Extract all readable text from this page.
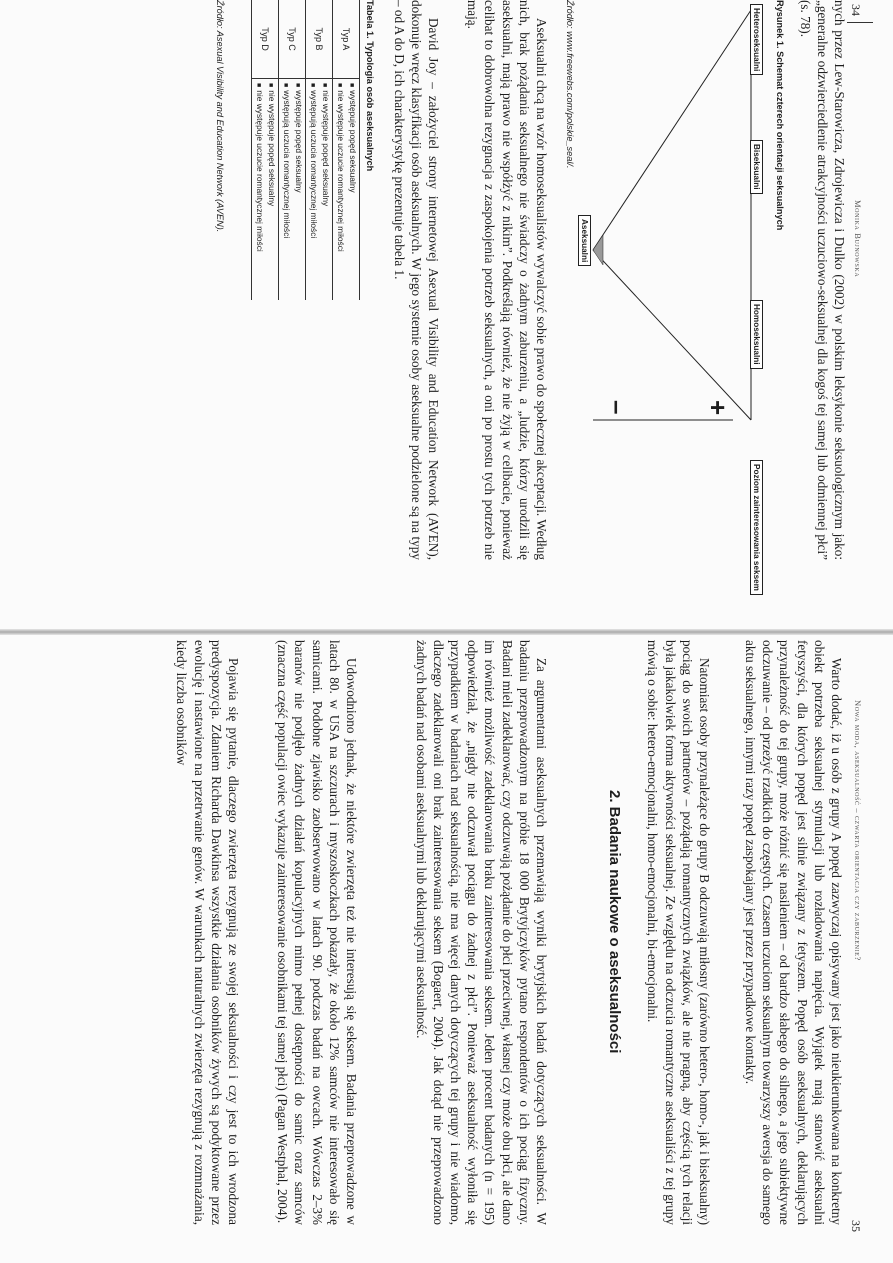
34
Monika Bujnowska

nych przez Lew-Starowicza, Zdrojewicza i Dulko (2002) w polskim leksykonie seksuologicznym jako: „generalne odzwierciedlenie atrakcyjności uczuciowo-seksualnej dla kogoś tej samej lub odmiennej płci” (s. 78).

Rysunek 1. Schemat czterech orientacji seksualnych
Heteroseksualni
Biseksualni
Homoseksualni
Aseksualni
Poziom zainteresowania seksem
+
–
Źródło: www.freewebs.com/polskie_seal/.

Aseksualni chcą na wzór homoseksualistów wywalczyć sobie prawo do społecznej akceptacji. Według nich, brak pożądania seksualnego nie świadczy o żadnym zaburzeniu, a „ludzie, którzy urodzili się aseksualni, mają prawo nie współżyć z nikim”. Podkreślają również, że nie żyją w celibacie, ponieważ celibat to dobrowolna rezygnacja z zaspokojenia potrzeb seksualnych, a oni po prostu tych potrzeb nie mają.

David Joy – założyciel strony internetowej Asexual Visibility and Education Network (AVEN), dokonuje wręcz klasyfikacji osób aseksualnych. W jego systemie osoby aseksualne podzielone są na typy – od A do D, ich charakterystykę prezentuje tabela 1.

Tabela 1. Typologia osób aseksualnych
Typ A	■występuje popęd seksualny
■nie występuje uczucie romantycznej miłości

Typ B	■nie występuje popęd seksualny
■występują uczucia romantycznej miłości

Typ C	■występuje popęd seksualny
■występują uczucia romantycznej miłości

Typ D	■nie występuje popęd seksualny
■nie występuje uczucie romantycznej miłości
Źródło: Asexual Visibility and Education Network (AVEN).
Nowa moda, aseksualność – czwarta orientacja czy zaburzenie?
35

Warto dodać, iż u osób z grupy A popęd zazwyczaj opisywany jest jako nieukierunkowana na konkretny obiekt potrzeba seksualnej stymulacji lub rozładowania napięcia. Wyjątek mają stanowić aseksualni fetyszyści, dla których popęd jest silnie związany z fetyszem. Popęd osób aseksualnych, deklarujących przynależność do tej grupy, może różnić się nasileniem – od bardzo słabego do silnego, a jego subiektywne odczuwanie – od przeżyć rzadkich do częstych. Czasem uczuciom seksualnym towarzyszy awersja do samego aktu seksualnego, innymi razy popęd zaspokajany jest przez przypadkowe kontakty.

Natomiast osoby przynależące do grupy B odczuwają miłosny (zarówno hetero-, homo-, jak i biseksualny) pociąg do swoich partnerów – pożądają romantycznych związków, ale nie pragną, aby częścią tych relacji była jakakolwiek forma aktywności seksualnej. Ze względu na odczucia romantyczne aseksualiści z tej grupy mówią o sobie: hetero-emocjonalni, homo-emocjonalni, bi-emocjonalni.

2. Badania naukowe o aseksualności

Za argumentami aseksualnych przemawiają wyniki brytyjskich badań dotyczących seksualności. W badaniu przeprowadzonym na próbie 18 000 Brytyjczyków pytano respondentów o ich pociąg fizyczny. Badani mieli zadeklarować, czy odczuwają pożądanie do płci przeciwnej, własnej czy może obu płci, ale dano im również możliwość zadeklarowania braku zainteresowania seksem. Jeden procent badanych (n = 195) odpowiedział, że „nigdy nie odczuwał pociągu do żadnej z płci”. Ponieważ aseksualność wyłoniła się przypadkiem w badaniach nad seksualnością, nie ma więcej danych dotyczących tej grupy i nie wiadomo, dlaczego zadeklarowali oni brak zainteresowania seksem (Bogaert, 2004). Jak dotąd nie przeprowadzono żadnych badań nad osobami aseksualnymi lub deklarującymi aseksualność.

Udowodniono jednak, że niektóre zwierzęta też nie interesują się seksem. Badania przeprowadzone w latach 80. w USA na szczurach i myszoskoczkach pokazały, że około 12% samców nie interesowało się samicami. Podobne zjawisko zaobserwowano w latach 90. podczas badań na owcach. Wówczas 2–3% baranów nie podjęło żadnych działań kopulacyjnych mimo pełnej dostępności do samic oraz samców (znaczna część populacji owiec wykazuje zainteresowanie osobnikami tej samej płci) (Pagan Westphal, 2004).

Pojawia się pytanie, dlaczego zwierzęta rezygnują ze swojej seksualności i czy jest to ich wrodzona predyspozycja. Zdaniem Richarda Dawkinsa wszystkie działania osobników żywych są podyktowane przez ewolucję i nastawione na przetrwanie genów. W warunkach naturalnych zwierzęta rezygnują z rozmnażania, kiedy liczba osobników
